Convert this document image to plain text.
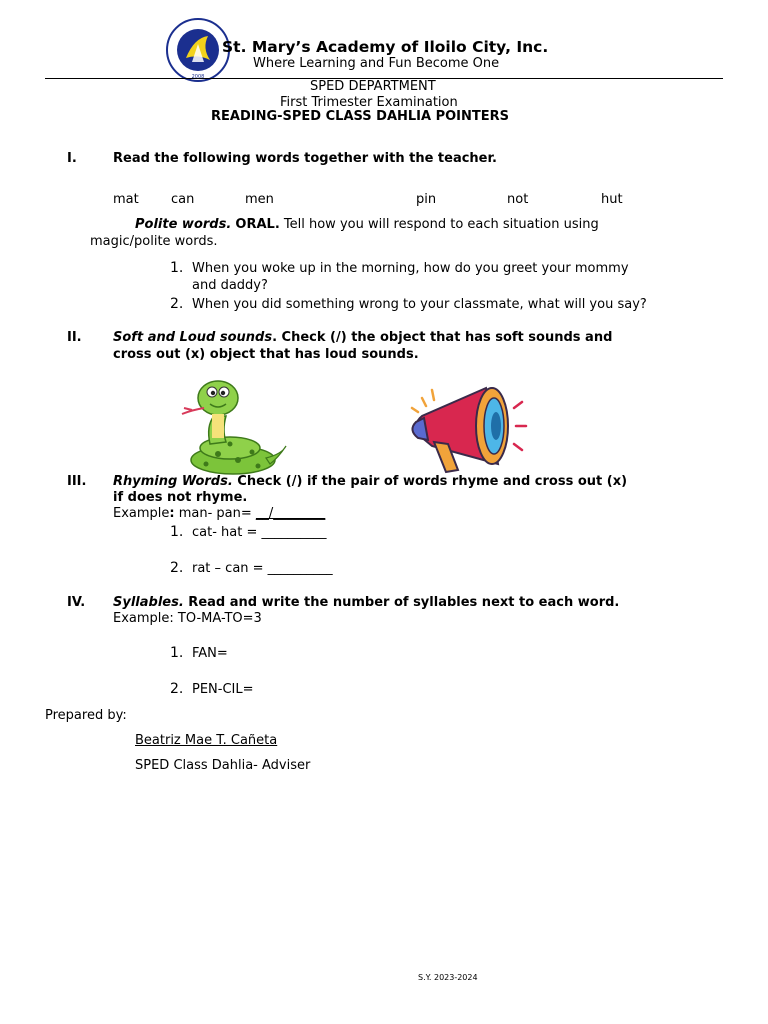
2008
St. Mary’s Academy of Iloilo City, Inc.
Where Learning and Fun Become One
SPED DEPARTMENT
First Trimester Examination
READING-SPED CLASS DAHLIA POINTERS
I.	Read the following words together with the teacher.
mat can	men	pin	not	hut
Polite words. ORAL. Tell how you will respond to each situation using
magic/polite words.
1. When you woke up in the morning, how do you greet your mommy
and daddy?
2. When you did something wrong to your classmate, what will you say?
II. Soft and Loud sounds. Check (/) the object that has soft sounds and
cross out (x) object that has loud sounds.
III. Rhyming Words. Check (/) if the pair of words rhyme and cross out (x)
if does not rhyme.
Example: man- pan= __/________
1. cat- hat = __________
2. rat – can = __________
IV. Syllables. Read and write the number of syllables next to each word.
Example: TO-MA-TO=3
1. FAN=
2. PEN-CIL=
Prepared by:
Beatriz Mae T. Cañeta
SPED Class Dahlia- Adviser
S.Y. 2023-2024
